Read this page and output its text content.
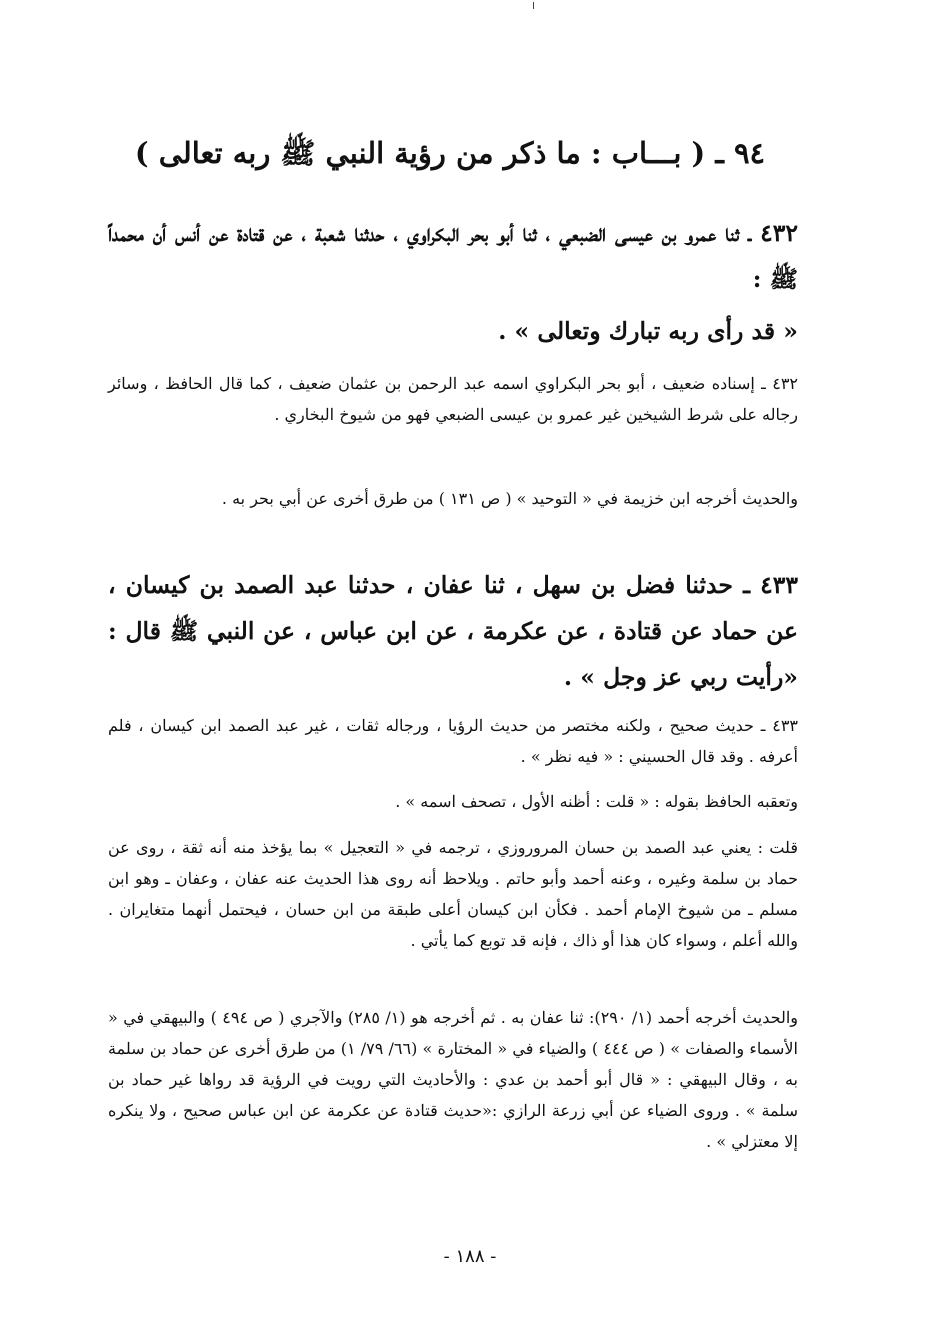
٩٤ ـ ( بـــاب : ما ذكر من رؤية النبي ﷺ ربه تعالى )
٤٣٢ ـ ثنا عمرو بن عيسى الضبعي ، ثنا أبو بحر البكراوي ، حدثنا شعبة ، عن قتادة عن أنس أن محمداً ﷺ :
« قد رأى ربه تبارك وتعالى » .
٤٣٢ ـ إسناده ضعيف ، أبو بحر البكراوي اسمه عبد الرحمن بن عثمان ضعيف ، كما قال الحافظ ، وسائر رجاله على شرط الشيخين غير عمرو بن عيسى الضبعي فهو من شيوخ البخاري .
والحديث أخرجه ابن خزيمة في « التوحيد » ( ص ١٣١ ) من طرق أخرى عن أبي بحر به .
٤٣٣ ـ حدثنا فضل بن سهل ، ثنا عفان ، حدثنا عبد الصمد بن كيسان ، عن حماد عن قتادة ، عن عكرمة ، عن ابن عباس ، عن النبي ﷺ قال : «رأيت ربي عز وجل » .
٤٣٣ ـ حديث صحيح ، ولكنه مختصر من حديث الرؤيا ، ورجاله ثقات ، غير عبد الصمد ابن كيسان ، فلم أعرفه . وقد قال الحسيني : « فيه نظر » .
وتعقبه الحافظ بقوله : « قلت : أظنه الأول ، تصحف اسمه » .
قلت : يعني عبد الصمد بن حسان المروروزي ، ترجمه في « التعجيل » بما يؤخذ منه أنه ثقة ، روى عن حماد بن سلمة وغيره ، وعنه أحمد وأبو حاتم . ويلاحظ أنه روى هذا الحديث عنه عفان ، وعفان ـ وهو ابن مسلم ـ من شيوخ الإمام أحمد . فكأن ابن كيسان أعلى طبقة من ابن حسان ، فيحتمل أنهما متغايران . والله أعلم ، وسواء كان هذا أو ذاك ، فإنه قد توبع كما يأتي .
والحديث أخرجه أحمد (١/ ٢٩٠): ثنا عفان به . ثم أخرجه هو (١/ ٢٨٥) والآجري ( ص ٤٩٤ ) والبيهقي في « الأسماء والصفات » ( ص ٤٤٤ ) والضياء في « المختارة » (٦٦/ ٧٩/ ١) من طرق أخرى عن حماد بن سلمة به ، وقال البيهقي : « قال أبو أحمد بن عدي : والأحاديث التي رويت في الرؤية قد رواها غير حماد بن سلمة » . وروى الضياء عن أبي زرعة الرازي :«حديث قتادة عن عكرمة عن ابن عباس صحيح ، ولا ينكره إلا معتزلي » .
- ١٨٨ -
